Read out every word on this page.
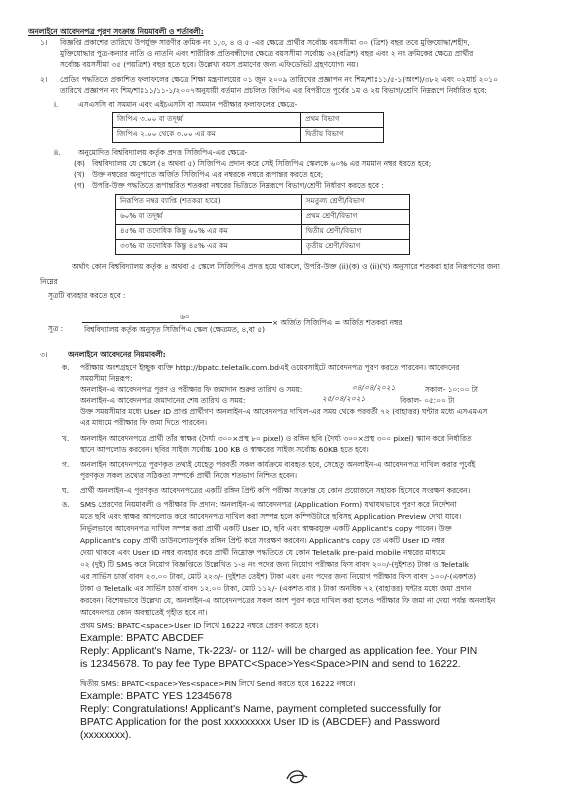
অনলাইনে আবেদনপত্র পূরণ সংক্রান্ত নিয়মাবলী ও শর্তাবলী:
১। বিজ্ঞপ্তি প্রকাশের তারিখে উপর্যুক্ত সারণীর ক্রমিক নং ১,৩, ৪ ও ৫ -এর ক্ষেত্রে প্রার্থীর সর্বোচ্চ বয়সসীমা ৩০ (ত্রিশ) বছর তবে মুক্তিযোদ্ধা/শহীদ,
মুক্তিযোদ্ধার পুত্র-কন্যার নাতি ও নাতনি এবং শারীরিক প্রতিবন্ধীদের ক্ষেত্রে বয়সসীমা সর্বোচ্চ ৩২(বত্রিশ) বছর এবং ২ নং ক্রমিকের ক্ষেত্রে প্রার্থীর
সর্বোচ্চ বয়সসীমা ৩৫ (পয়ত্রিশ) বছর হতে হবে। উল্লেখ্য বয়স প্রমাণের জন্য এফিডেভিট গ্রহণযোগ্য নয়।
২। প্রেডিং পদ্ধতিতে প্রকাশিত ফলাফলের ক্ষেত্রে শিক্ষা মন্ত্রণালয়ের ০১ জুন ২০০৯ তারিখের প্রজ্ঞাপন নং শিম/শাঃ১১/৫-১(অংশ)/৩৮২ এবং ০২মার্চ ২০১০
তারিখে প্রজ্ঞাপন নং শিম/শাঃ১১/১১-১/২০০৭অনুযায়ী বর্তমান প্রচলিত জিপিএ এর বিপরীতে পূর্বের ১ম ও ২য় বিভাগ/শ্রেণি নিম্নরূপে নির্ধারিত হবে:
i.	এসএসসি বা সমমান এবং এইচএসসি বা সমমান পরীক্ষার ফলাফলের ক্ষেত্রে-
জিপিএ ৩.০০ বা তদূর্ধ্ব	প্রথম বিভাগ
জিপিএ ২.০০ থেকে ৩.০০ এর কম	দ্বিতীয় বিভাগ
ii. অনুমোদিত বিশ্ববিদ্যালয় কর্তৃক প্রদত্ত সিজিপিএ-এর ক্ষেত্রে-
(ক) বিশ্ববিদ্যালয় যে স্কেলে (৪ অথবা ৫) সিজিপিএ প্রদান করে সেই সিজিপিএ স্কেলকে ৬০% এর সমমান নম্বর ধরতে হবে;
(খ) উক্ত নম্বরের অনুপাতে অর্জিত সিজিপিএ এর নম্বরকে নম্বরে রূপান্তর করতে হবে;
(গ) উপরি-উক্ত পদ্ধতিতে রূপান্তরিত শতকরা নম্বরের ভিত্তিতে নিম্নরূপে বিভাগ/শ্রেণী নির্ধারণ করতে হবে :
নিরূপিত নম্বর ব্যাপ্তি (শতকরা হারে)	সমতুল্য শ্রেণী/বিভাগ
৬০% বা তদূর্ধ্ব	প্রথম শ্রেণী/বিভাগ
৪৫% বা তদোধিক কিন্তু ৬০% এর কম	দ্বিতীয় শ্রেণী/বিভাগ
৩৩% বা তদোধিক কিন্তু ৪৫% এর কম	তৃতীয় শ্রেণী/বিভাগ
অর্থাৎ কোন বিশ্ববিদ্যালয় কর্তৃক ৪ অথবা ৫ স্কেলে সিজিপিএ প্রদত্ত হয়ে থাকলে, উপরি-উক্ত (ii)(ক) ও (ii)(খ) অনুসারে শতকরা হার নিরূপণের জন্য
নিম্নের
সূত্রটি ব্যবহার করতে হবে :
সূত্র :
৬০
বিশ্ববিদ্যালয় কর্তৃক অনুসৃত সিজিপিএ স্কেল (ক্ষেত্রমত, ৪,বা ৫)
× অর্জিত সিজিপিএ = অর্জিত শতকরা নম্বর
৩।	অনলাইনে আবেদনের নিয়মাবলী:
ক. পরীক্ষায় অংশগ্রহণে ইচ্ছুক ব্যক্তি http://bpatc.teletalk.com.bdএই ওয়েবসাইটে আবেদনপত্র পূরণ করতে পারবেন। আবেদনের
সময়সীমা নিম্নরূপ:
অনলাইন-এ আবেদনপত্র পূরণ ও পরীক্ষার ফি জমাদান শুরুর তারিখ ও সময়:	০৪/০৪/২০২১	সকাল- ১০:০০ টা
অনলাইন-এ আবেদনপত্র জমাদানের শেষ তারিখ ও সময়:	২৫/০৪/২০২১	বিকাল- ০৫:০০ টা
উক্ত সময়সীমার মধ্যে User ID প্রাপ্ত প্রার্থীগণ অনলাইন-এ আবেদনপত্র দাখিল-এর সময় থেকে পরবর্তী ৭২ (বাহাত্তর) ঘন্টার মধ্যে এসএমএস
এর মাধ্যমে পরীক্ষার ফি জমা দিতে পারবেন।
খ. অনলাইন আবেদনপত্রে প্রার্থী তাঁর স্বাক্ষর (দৈর্ঘ্য ৩০০×প্রস্থ ৮০ pixel) ও রঙ্গিন ছবি (দৈর্ঘ্য ৩০০×প্রস্থ ৩০০ pixel) স্ক্যান করে নির্ধারিত
স্থানে আপলোড করবেন। ছবির সাইজ সর্বোচ্চ 100 KB ও স্বাক্ষরের সাইজ সর্বোচ্চ 60KB হতে হবে।
গ. অনলাইন আবেদনপত্রে পূরণকৃত তথ্যই যেহেতু পরবর্তী সকল কার্যক্রমে ব্যবহৃত হবে, সেহেতু অনলাইন-এ আবেদনপত্র দাখিল করার পূর্বেই
পূরণকৃত সকল তথ্যের সঠিকতা সম্পর্কে প্রার্থী নিজে শতভাগ নিশ্চিত হবেন।
ঘ. প্রার্থী অনলাইন-এ পূরণকৃত আবেদনপত্রের একটি রঙ্গিন প্রিন্ট কপি পরীক্ষা সংক্রান্ত যে কোন প্রয়োজনে সহায়ক হিসেবে সংরক্ষণ করবেন।
ঙ. SMS প্রেরণের নিয়মাবলী ও পরীক্ষার ফি প্রদান: অনলাইন-এ আবেদনপত্র (Application Form) যথাযথভাবে পূরণ করে নির্দেশনা
মতে ছবি এবং স্বাক্ষর আপলোড করে আবেদনপত্র দাখিল করা সম্পন্ন হলে কম্পিউটারে ছবিসহ Application Preview দেখা যাবে।
নির্ভুলভাবে আবেদনপত্র দাখিল সম্পন্ন করা প্রার্থী একটি User ID, ছবি এবং স্বাক্ষরযুক্ত একটি Applicant's copy পাবেন। উক্ত
Applicant's copy প্রার্থী ডাউনলোডপূর্বক রঙ্গিন প্রিন্ট করে সংরক্ষণ করবেন। Applicant's copy তে একটি User ID নম্বর
দেয়া থাকবে এবং User ID নম্বর ব্যবহার করে প্রার্থী নিম্নোক্ত পদ্ধতিতে যে কোন Teletalk pre-paid mobile নম্বরের মাধ্যমে
০২ (দুই) টি SMS করে নিয়োগ বিজ্ঞপ্তিতে উল্লেখিত ১-৪ নং পদের জন্য নিয়োগ পরীক্ষার ফিস বাবদ ২০০/-(দুইশত) টাকা ও Teletalk
এর সার্ভিস চার্জ বাবদ ২৩.০০ টাকা, মোট ২২৩/- (দুইশত তেইশ) টাকা এবং ৫নং পদের জন্য নিয়োগ পরীক্ষার ফিস বাবদ ১০০/-(একশত)
টাকা ও Teletalk এর সার্ভিস চার্জ বাবদ ১২.০০ টাকা, মোট ১১২/- (একশত বার ) টাকা অনধিক ৭২ (বাহাত্তর) ঘন্টার মধ্যে জমা প্রদান
করবেন। বিশেষভাবে উল্লেখ্য যে, অনলাইন-এ আবেদনপত্রের সকল অংশ পূরণ করে দাখিল করা হলেও পরীক্ষার ফি জমা না দেয়া পর্যন্ত অনলাইন
আবেদনপত্র কোন অবস্থাতেই গৃহীত হবে না।
প্রথম SMS: BPATC<space>User ID লিখে 16222 নম্বরে প্রেরণ করতে হবে।
Example: BPATC ABCDEF
Reply: Applicant's Name, Tk-223/- or 112/- will be charged as application fee. Your PIN
is 12345678. To pay fee Type BPATC<Space>Yes<Space>PIN and send to 16222.
দ্বিতীয় SMS: BPATC<space>Yes<space>PIN লিখে Send করতে হবে 16222 নম্বরে।
Example: BPATC YES 12345678
Reply: Congratulations! Applicant's Name, payment completed successfully for
BPATC Application for the post xxxxxxxxx User ID is (ABCDEF) and Password
(xxxxxxxx).
